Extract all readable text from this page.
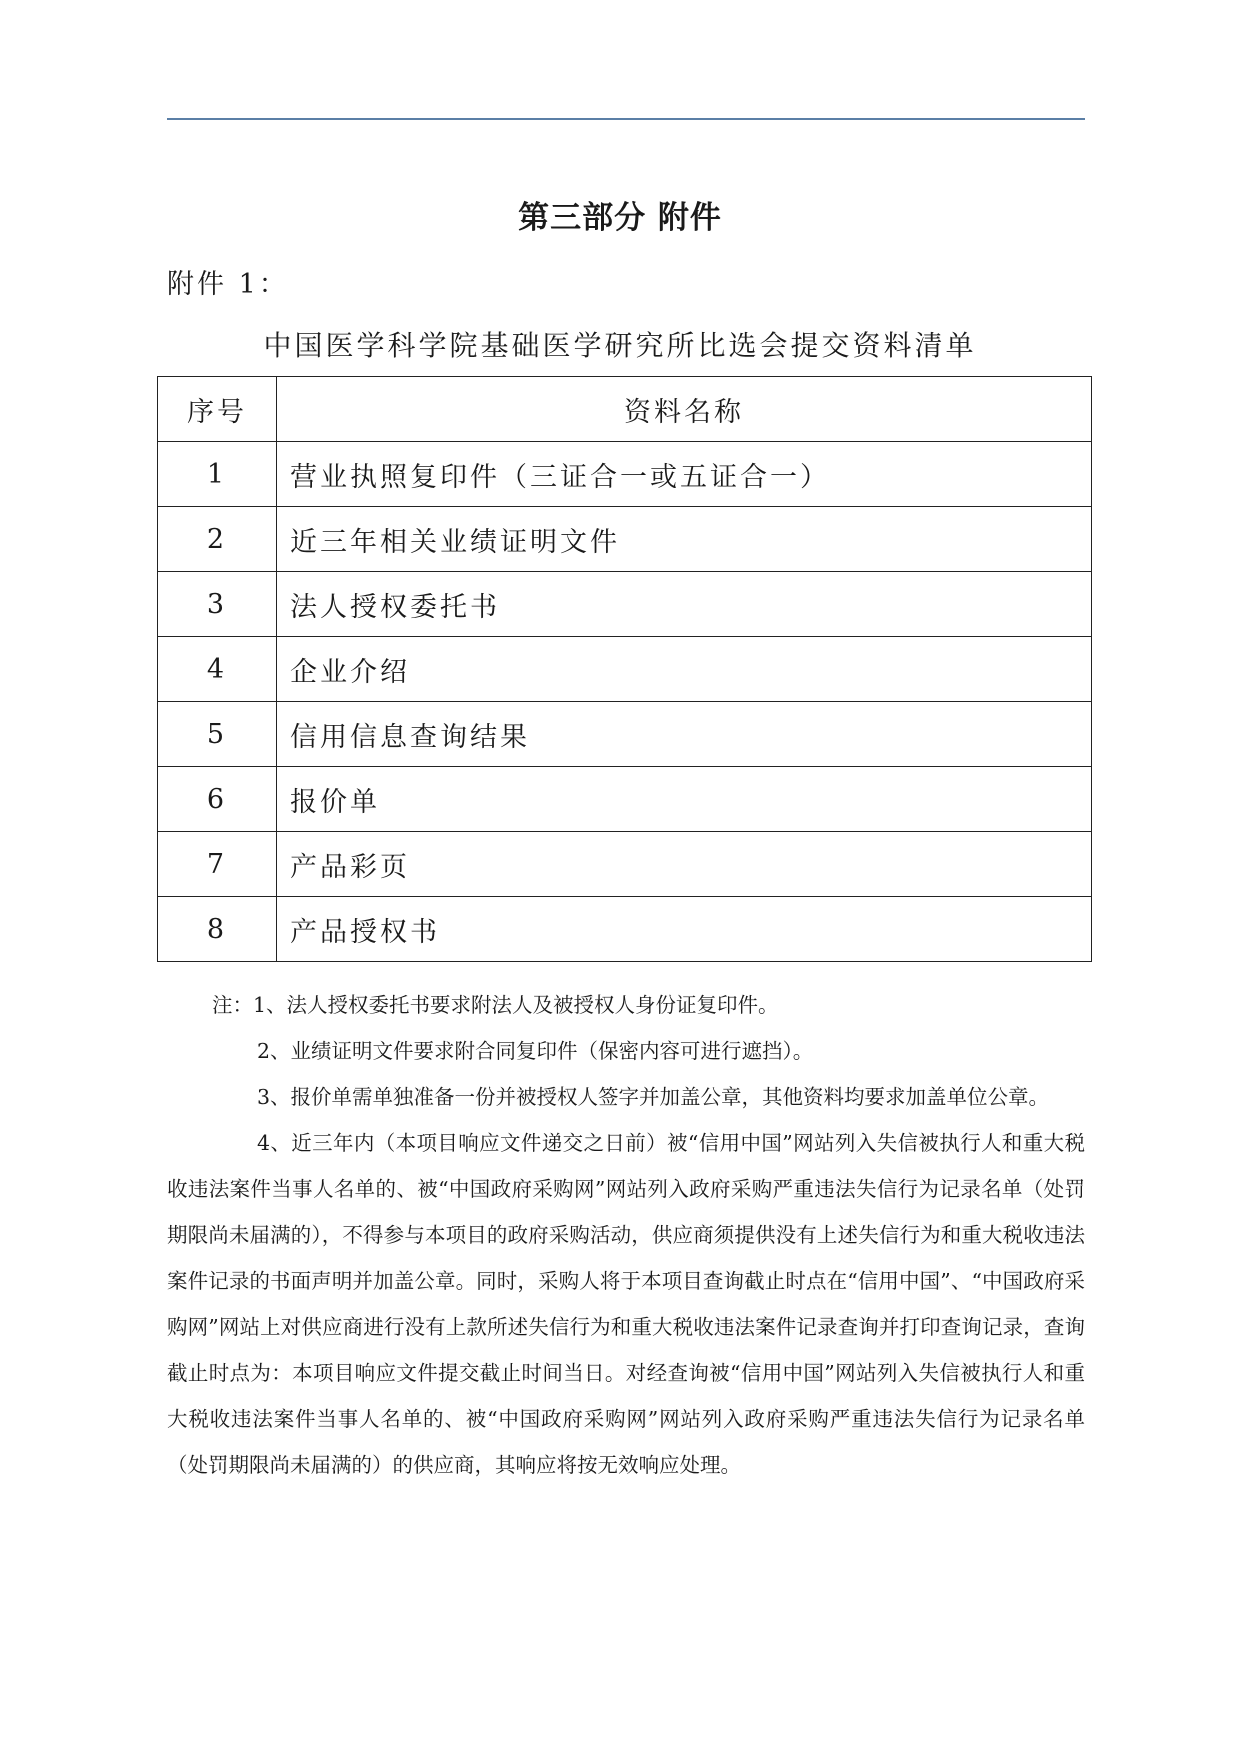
第三部分 附件
附件 1：
中国医学科学院基础医学研究所比选会提交资料清单
序号	资料名称
1	营业执照复印件（三证合一或五证合一）
2	近三年相关业绩证明文件
3	法人授权委托书
4	企业介绍
5	信用信息查询结果
6	报价单
7	产品彩页
8	产品授权书
注：1、法人授权委托书要求附法人及被授权人身份证复印件。
2、业绩证明文件要求附合同复印件（保密内容可进行遮挡）。
3、报价单需单独准备一份并被授权人签字并加盖公章，其他资料均要求加盖单位公章。
4、近三年内（本项目响应文件递交之日前）被“信用中国”网站列入失信被执行人和重大税收违法案件当事人名单的、被“中国政府采购网”网站列入政府采购严重违法失信行为记录名单（处罚期限尚未届满的），不得参与本项目的政府采购活动，供应商须提供没有上述失信行为和重大税收违法案件记录的书面声明并加盖公章。同时，采购人将于本项目查询截止时点在“信用中国”、“中国政府采购网”网站上对供应商进行没有上款所述失信行为和重大税收违法案件记录查询并打印查询记录，查询截止时点为：本项目响应文件提交截止时间当日。对经查询被“信用中国”网站列入失信被执行人和重大税收违法案件当事人名单的、被“中国政府采购网”网站列入政府采购严重违法失信行为记录名单（处罚期限尚未届满的）的供应商，其响应将按无效响应处理。
